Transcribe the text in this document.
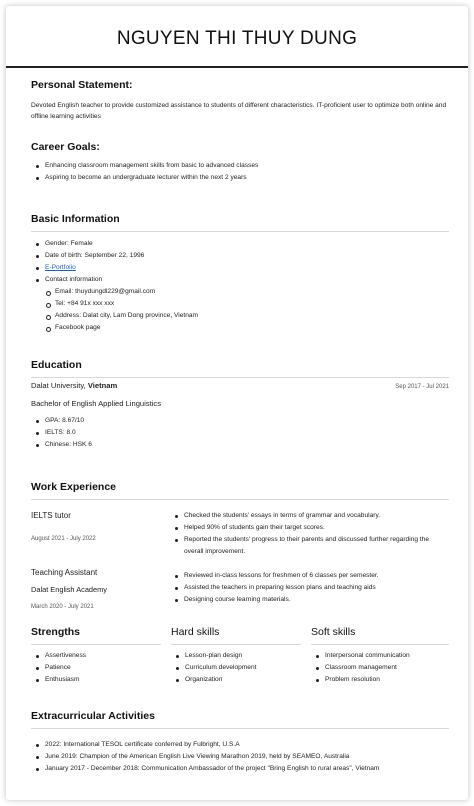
NGUYEN THI THUY DUNG
Personal Statement:
Devoted English teacher to provide customized assistance to students of different characteristics. IT-proficient user to optimize both online and offline learning activities
Career Goals:
Enhancing classroom management skills from basic to advanced classes
Aspiring to become an undergraduate lecturer within the next 2 years
Basic Information
Gender: Female
Date of birth: September 22, 1996
E-Portfolio
Contact information
Email: thuydungdl229@gmail.com
Tel: +84 91x xxx xxx
Address: Dalat city, Lam Dong province, Vietnam
Facebook page
Education
Dalat University, Vietnam	Sep 2017 - Jul 2021
Bachelor of English Applied Linguistics
GPA: 8.67/10
IELTS: 8.0
Chinese: HSK 6
Work Experience
IELTS tutor
August 2021 - July 2022
Checked the students' essays in terms of grammar and vocabulary.
Helped 90% of students gain their target scores.
Reported the students' progress to their parents and discussed further regarding the overall improvement.
Teaching Assistant
Dalat English Academy
March 2020 - July 2021
Reviewed in-class lessons for freshmen of 6 classes per semester.
Assisted the teachers in preparing lesson plans and teaching aids
Designing course learning materials.
Strengths
Assertiveness
Patience
Enthusiasm
Hard skills
Lesson-plan design
Curriculum development
Organization
Soft skills
Interpersonal communication
Classroom management
Problem resolution
Extracurricular Activities
2022: International TESOL certificate conferred by Fulbright, U.S.A
June 2019: Champion of the American English Live Viewing Marathon 2019, held by SEAMEO, Australia
January 2017 - December 2018: Communication Ambassador of the project "Bring English to rural areas", Vietnam
